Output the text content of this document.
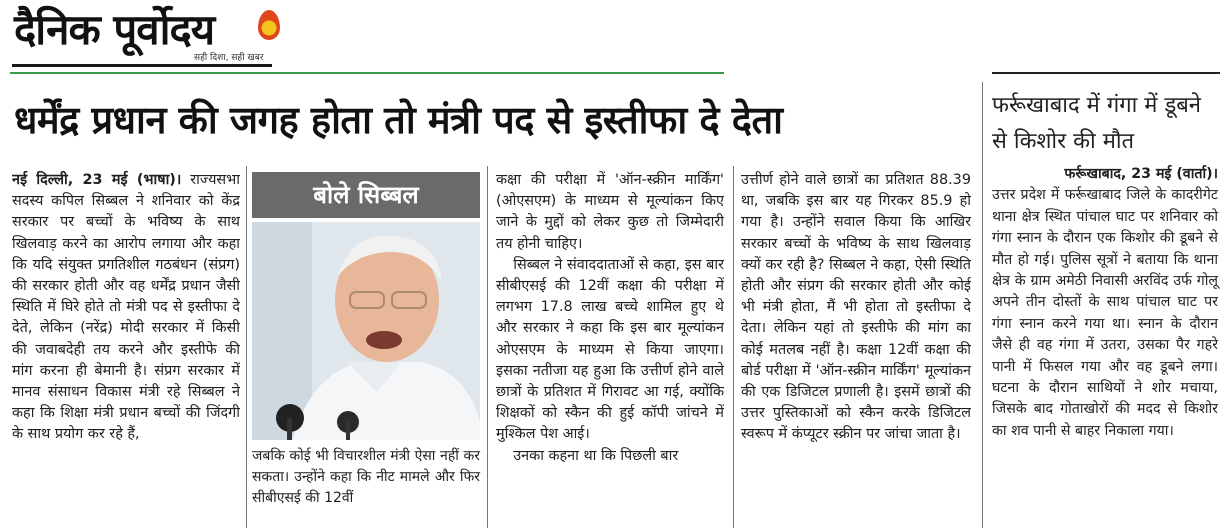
दैनिक पूर्वोदय
सही दिशा, सही खबर
धर्मेंद्र प्रधान की जगह होता तो मंत्री पद से इस्तीफा दे देता
नई दिल्ली, 23 मई (भाषा)। राज्यसभा सदस्य कपिल सिब्बल ने शनिवार को केंद्र सरकार पर बच्चों के भविष्य के साथ खिलवाड़ करने का आरोप लगाया और कहा कि यदि संयुक्त प्रगतिशील गठबंधन (संप्रग) की सरकार होती और वह धर्मेंद्र प्रधान जैसी स्थिति में घिरे होते तो मंत्री पद से इस्तीफा दे देते, लेकिन (नरेंद्र) मोदी सरकार में किसी की जवाबदेही तय करने और इस्तीफे की मांग करना ही बेमानी है। संप्रग सरकार में मानव संसाधन विकास मंत्री रहे सिब्बल ने कहा कि शिक्षा मंत्री प्रधान बच्चों की जिंदगी के साथ प्रयोग कर रहे हैं,
बोले सिब्बल
जबकि कोई भी विचारशील मंत्री ऐसा नहीं कर सकता। उन्होंने कहा कि नीट मामले और फिर सीबीएसई की 12वीं
कक्षा की परीक्षा में 'ऑन-स्क्रीन मार्किंग' (ओएसएम) के माध्यम से मूल्यांकन किए जाने के मुद्दों को लेकर कुछ तो जिम्मेदारी तय होनी चाहिए।
सिब्बल ने संवाददाताओं से कहा, इस बार सीबीएसई की 12वीं कक्षा की परीक्षा में लगभग 17.8 लाख बच्चे शामिल हुए थे और सरकार ने कहा कि इस बार मूल्यांकन ओएसएम के माध्यम से किया जाएगा। इसका नतीजा यह हुआ कि उत्तीर्ण होने वाले छात्रों के प्रतिशत में गिरावट आ गई, क्योंकि शिक्षकों को स्कैन की हुई कॉपी जांचने में मुश्किल पेश आई।
उनका कहना था कि पिछली बार
उत्तीर्ण होने वाले छात्रों का प्रतिशत 88.39 था, जबकि इस बार यह गिरकर 85.9 हो गया है। उन्होंने सवाल किया कि आखिर सरकार बच्चों के भविष्य के साथ खिलवाड़ क्यों कर रही है? सिब्बल ने कहा, ऐसी स्थिति होती और संप्रग की सरकार होती और कोई भी मंत्री होता, मैं भी होता तो इस्तीफा दे देता। लेकिन यहां तो इस्तीफे की मांग का कोई मतलब नहीं है। कक्षा 12वीं कक्षा की बोर्ड परीक्षा में 'ऑन-स्क्रीन मार्किंग' मूल्यांकन की एक डिजिटल प्रणाली है। इसमें छात्रों की उत्तर पुस्तिकाओं को स्कैन करके डिजिटल स्वरूप में कंप्यूटर स्क्रीन पर जांचा जाता है।
फर्रूखाबाद में गंगा में डूबने से किशोर की मौत
फर्रूखाबाद, 23 मई (वार्ता)।
उत्तर प्रदेश में फर्रूखाबाद जिले के कादरीगेट थाना क्षेत्र स्थित पांचाल घाट पर शनिवार को गंगा स्नान के दौरान एक किशोर की डूबने से मौत हो गई। पुलिस सूत्रों ने बताया कि थाना क्षेत्र के ग्राम अमेठी निवासी अरविंद उर्फ गोलू अपने तीन दोस्तों के साथ पांचाल घाट पर गंगा स्नान करने गया था। स्नान के दौरान जैसे ही वह गंगा में उतरा, उसका पैर गहरे पानी में फिसल गया और वह डूबने लगा। घटना के दौरान साथियों ने शोर मचाया, जिसके बाद गोताखोरों की मदद से किशोर का शव पानी से बाहर निकाला गया।
